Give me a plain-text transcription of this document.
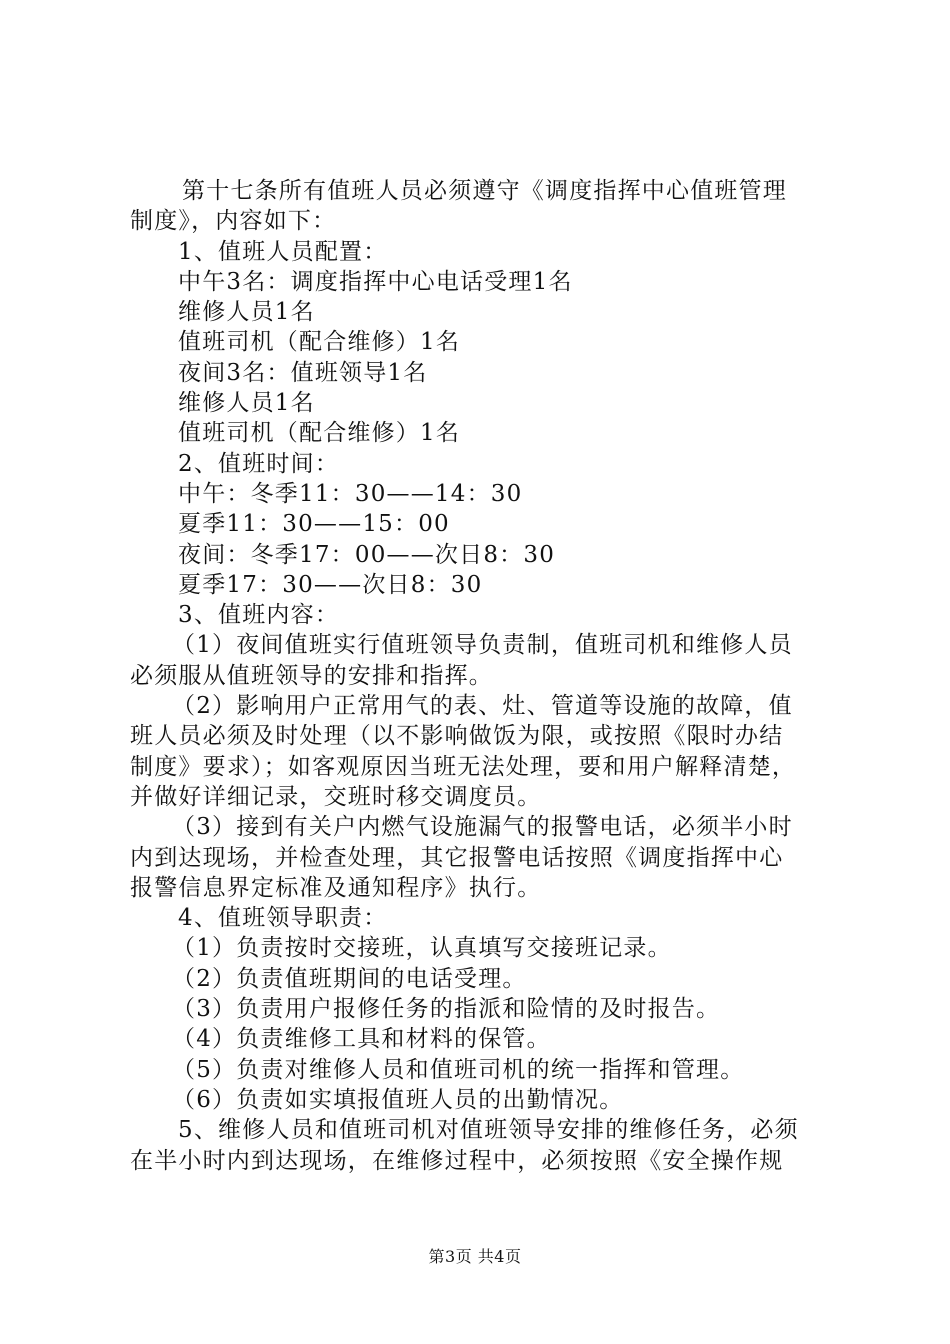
第十七条所有值班人员必须遵守《调度指挥中心值班管理

制度》，内容如下：

1、值班人员配置：

中午3名：调度指挥中心电话受理1名

维修人员1名

值班司机（配合维修）1名

夜间3名：值班领导1名

维修人员1名

值班司机（配合维修）1名

2、值班时间：

中午：冬季11：30——14：30

夏季11：30——15：00

夜间：冬季17：00——次日8：30

夏季17：30——次日8：30

3、值班内容：

（1）夜间值班实行值班领导负责制，值班司机和维修人员

必须服从值班领导的安排和指挥。

（2）影响用户正常用气的表、灶、管道等设施的故障，值

班人员必须及时处理（以不影响做饭为限，或按照《限时办结

制度》要求）；如客观原因当班无法处理，要和用户解释清楚，

并做好详细记录，交班时移交调度员。

（3）接到有关户内燃气设施漏气的报警电话，必须半小时

内到达现场，并检查处理，其它报警电话按照《调度指挥中心

报警信息界定标准及通知程序》执行。

4、值班领导职责：

（1）负责按时交接班，认真填写交接班记录。

（2）负责值班期间的电话受理。

（3）负责用户报修任务的指派和险情的及时报告。

（4）负责维修工具和材料的保管。

（5）负责对维修人员和值班司机的统一指挥和管理。

（6）负责如实填报值班人员的出勤情况。

5、维修人员和值班司机对值班领导安排的维修任务，必须

在半小时内到达现场，在维修过程中，必须按照《安全操作规

第3页 共4页
